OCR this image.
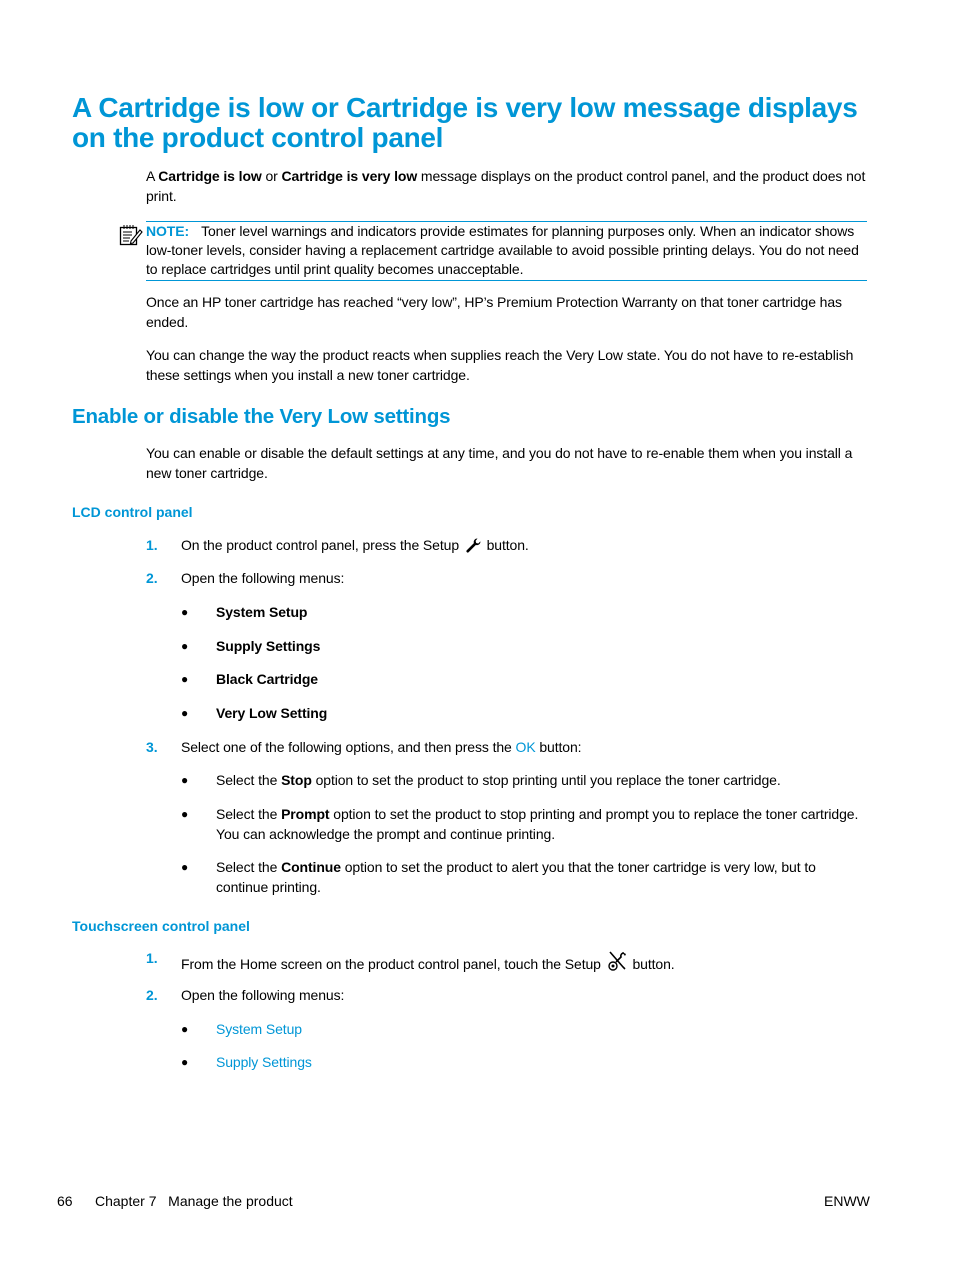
A Cartridge is low or Cartridge is very low message displays on the product control panel
A Cartridge is low or Cartridge is very low message displays on the product control panel, and the product does not print.
NOTE: Toner level warnings and indicators provide estimates for planning purposes only. When an indicator shows low-toner levels, consider having a replacement cartridge available to avoid possible printing delays. You do not need to replace cartridges until print quality becomes unacceptable.
Once an HP toner cartridge has reached “very low”, HP’s Premium Protection Warranty on that toner cartridge has ended.
You can change the way the product reacts when supplies reach the Very Low state. You do not have to re-establish these settings when you install a new toner cartridge.
Enable or disable the Very Low settings
You can enable or disable the default settings at any time, and you do not have to re-enable them when you install a new toner cartridge.
LCD control panel
1. On the product control panel, press the Setup  button.
2. Open the following menus:
● System Setup
● Supply Settings
● Black Cartridge
● Very Low Setting
3. Select one of the following options, and then press the OK button:
● Select the Stop option to set the product to stop printing until you replace the toner cartridge.
● Select the Prompt option to set the product to stop printing and prompt you to replace the toner cartridge. You can acknowledge the prompt and continue printing.
● Select the Continue option to set the product to alert you that the toner cartridge is very low, but to continue printing.
Touchscreen control panel
1. From the Home screen on the product control panel, touch the Setup  button.
2. Open the following menus:
● System Setup
● Supply Settings
66 Chapter 7   Manage the product	ENWW
